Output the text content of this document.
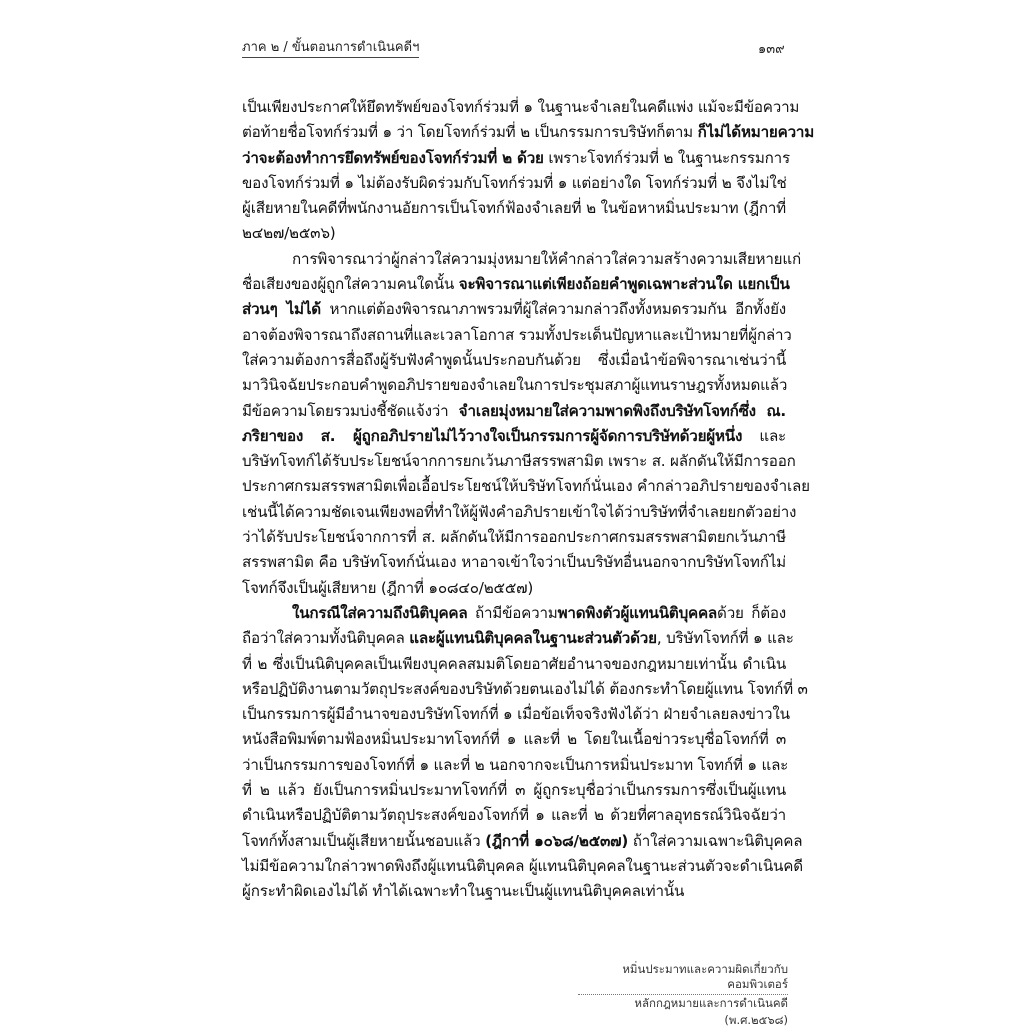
ภาค ๒ / ขั้นตอนการดำเนินคดีฯ	๑๓๙
เป็นเพียงประกาศให้ยึดทรัพย์ของโจทก์ร่วมที่ ๑ ในฐานะจำเลยในคดีแพ่ง แม้จะมีข้อความ
ต่อท้ายชื่อโจทก์ร่วมที่ ๑ ว่า โดยโจทก์ร่วมที่ ๒ เป็นกรรมการบริษัทก็ตาม ก็ไม่ได้หมายความ
ว่าจะต้องทำการยึดทรัพย์ของโจทก์ร่วมที่ ๒ ด้วย เพราะโจทก์ร่วมที่ ๒ ในฐานะกรรมการ
ของโจทก์ร่วมที่ ๑ ไม่ต้องรับผิดร่วมกับโจทก์ร่วมที่ ๑ แต่อย่างใด โจทก์ร่วมที่ ๒ จึงไม่ใช่
ผู้เสียหายในคดีที่พนักงานอัยการเป็นโจทก์ฟ้องจำเลยที่ ๒ ในข้อหาหมิ่นประมาท (ฎีกาที่
๒๔๒๗/๒๕๓๖)
การพิจารณาว่าผู้กล่าวใส่ความมุ่งหมายให้คำกล่าวใส่ความสร้างความเสียหายแก่
ชื่อเสียงของผู้ถูกใส่ความคนใดนั้น จะพิจารณาแต่เพียงถ้อยคำพูดเฉพาะส่วนใด แยกเป็น
ส่วนๆ ไม่ได้ หากแต่ต้องพิจารณาภาพรวมที่ผู้ใส่ความกล่าวถึงทั้งหมดรวมกัน อีกทั้งยัง
อาจต้องพิจารณาถึงสถานที่และเวลาโอกาส รวมทั้งประเด็นปัญหาและเป้าหมายที่ผู้กล่าว
ใส่ความต้องการสื่อถึงผู้รับฟังคำพูดนั้นประกอบกันด้วย ซึ่งเมื่อนำข้อพิจารณาเช่นว่านี้
มาวินิจฉัยประกอบคำพูดอภิปรายของจำเลยในการประชุมสภาผู้แทนราษฎรทั้งหมดแล้ว
มีข้อความโดยรวมบ่งชี้ชัดแจ้งว่า จำเลยมุ่งหมายใส่ความพาดพิงถึงบริษัทโจทก์ซึ่ง ณ.
ภริยาของ ส. ผู้ถูกอภิปรายไม่ไว้วางใจเป็นกรรมการผู้จัดการบริษัทด้วยผู้หนึ่ง และ
บริษัทโจทก์ได้รับประโยชน์จากการยกเว้นภาษีสรรพสามิต เพราะ ส. ผลักดันให้มีการออก
ประกาศกรมสรรพสามิตเพื่อเอื้อประโยชน์ให้บริษัทโจทก์นั่นเอง คำกล่าวอภิปรายของจำเลย
เช่นนี้ได้ความชัดเจนเพียงพอที่ทำให้ผู้ฟังคำอภิปรายเข้าใจได้ว่าบริษัทที่จำเลยยกตัวอย่าง
ว่าได้รับประโยชน์จากการที่ ส. ผลักดันให้มีการออกประกาศกรมสรรพสามิตยกเว้นภาษี
สรรพสามิต คือ บริษัทโจทก์นั่นเอง หาอาจเข้าใจว่าเป็นบริษัทอื่นนอกจากบริษัทโจทก์ไม่
โจทก์จึงเป็นผู้เสียหาย (ฎีกาที่ ๑๐๘๔๐/๒๕๕๗)
ในกรณีใส่ความถึงนิติบุคคล ถ้ามีข้อความพาดพิงตัวผู้แทนนิติบุคคลด้วย ก็ต้อง
ถือว่าใส่ความทั้งนิติบุคคล และผู้แทนนิติบุคคลในฐานะส่วนตัวด้วย, บริษัทโจทก์ที่ ๑ และ
ที่ ๒ ซึ่งเป็นนิติบุคคลเป็นเพียงบุคคลสมมติโดยอาศัยอำนาจของกฎหมายเท่านั้น ดำเนิน
หรือปฏิบัติงานตามวัตถุประสงค์ของบริษัทด้วยตนเองไม่ได้ ต้องกระทำโดยผู้แทน โจทก์ที่ ๓
เป็นกรรมการผู้มีอำนาจของบริษัทโจทก์ที่ ๑ เมื่อข้อเท็จจริงฟังได้ว่า ฝ่ายจำเลยลงข่าวใน
หนังสือพิมพ์ตามฟ้องหมิ่นประมาทโจทก์ที่ ๑ และที่ ๒ โดยในเนื้อข่าวระบุชื่อโจทก์ที่ ๓
ว่าเป็นกรรมการของโจทก์ที่ ๑ และที่ ๒ นอกจากจะเป็นการหมิ่นประมาท โจทก์ที่ ๑ และ
ที่ ๒ แล้ว ยังเป็นการหมิ่นประมาทโจทก์ที่ ๓ ผู้ถูกระบุชื่อว่าเป็นกรรมการซึ่งเป็นผู้แทน
ดำเนินหรือปฏิบัติตามวัตถุประสงค์ของโจทก์ที่ ๑ และที่ ๒ ด้วยที่ศาลอุทธรณ์วินิจฉัยว่า
โจทก์ทั้งสามเป็นผู้เสียหายนั้นชอบแล้ว (ฎีกาที่ ๑๐๖๘/๒๕๓๗) ถ้าใส่ความเฉพาะนิติบุคคล
ไม่มีข้อความใกล่าวพาดพิงถึงผู้แทนนิติบุคคล ผู้แทนนิติบุคคลในฐานะส่วนตัวจะดำเนินคดี
ผู้กระทำผิดเองไม่ได้ ทำได้เฉพาะทำในฐานะเป็นผู้แทนนิติบุคคลเท่านั้น
หมิ่นประมาทและความผิดเกี่ยวกับคอมพิวเตอร์
หลักกฎหมายและการดำเนินคดี (พ.ศ.๒๕๖๘)
